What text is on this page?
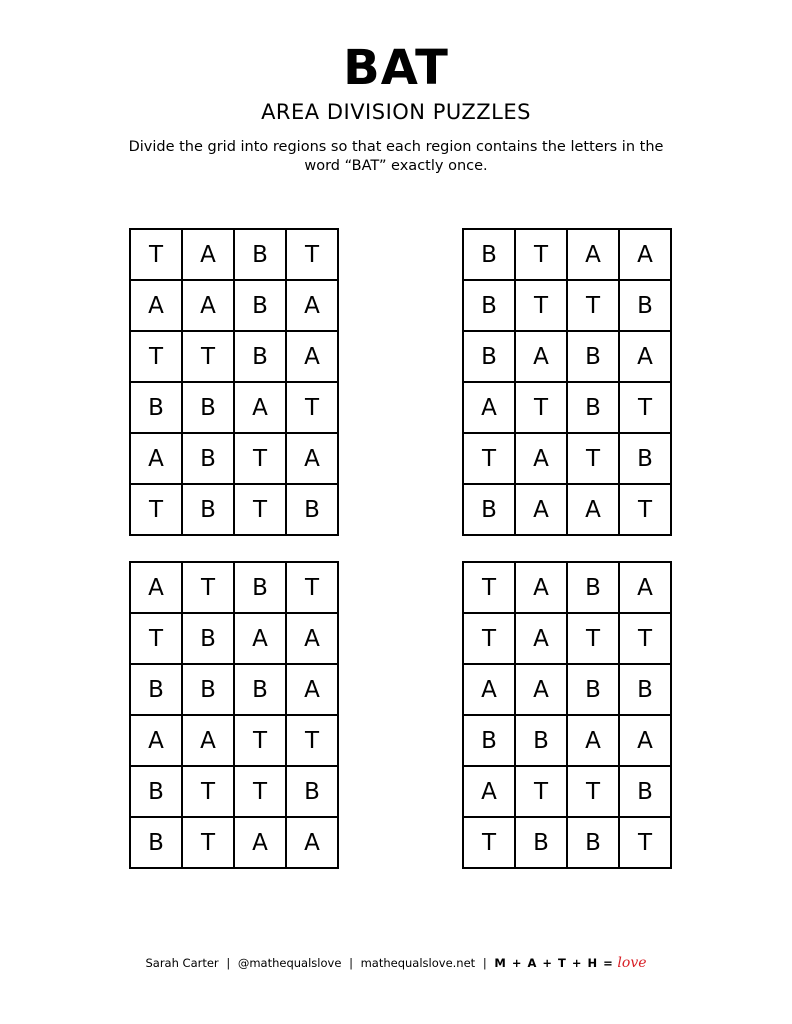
BAT
AREA DIVISION PUZZLES
Divide the grid into regions so that each region contains the letters in the word “BAT” exactly once.
T	A	B	T
A	A	B	A
T	T	B	A
B	B	A	T
A	B	T	A
T	B	T	B
B	T	A	A
B	T	T	B
B	A	B	A
A	T	B	T
T	A	T	B
B	A	A	T
A	T	B	T
T	B	A	A
B	B	B	A
A	A	T	T
B	T	T	B
B	T	A	A
T	A	B	A
T	A	T	T
A	A	B	B
B	B	A	A
A	T	T	B
T	B	B	T
Sarah Carter | @mathequalslove | mathequalslove.net | M + A + T + H = love
